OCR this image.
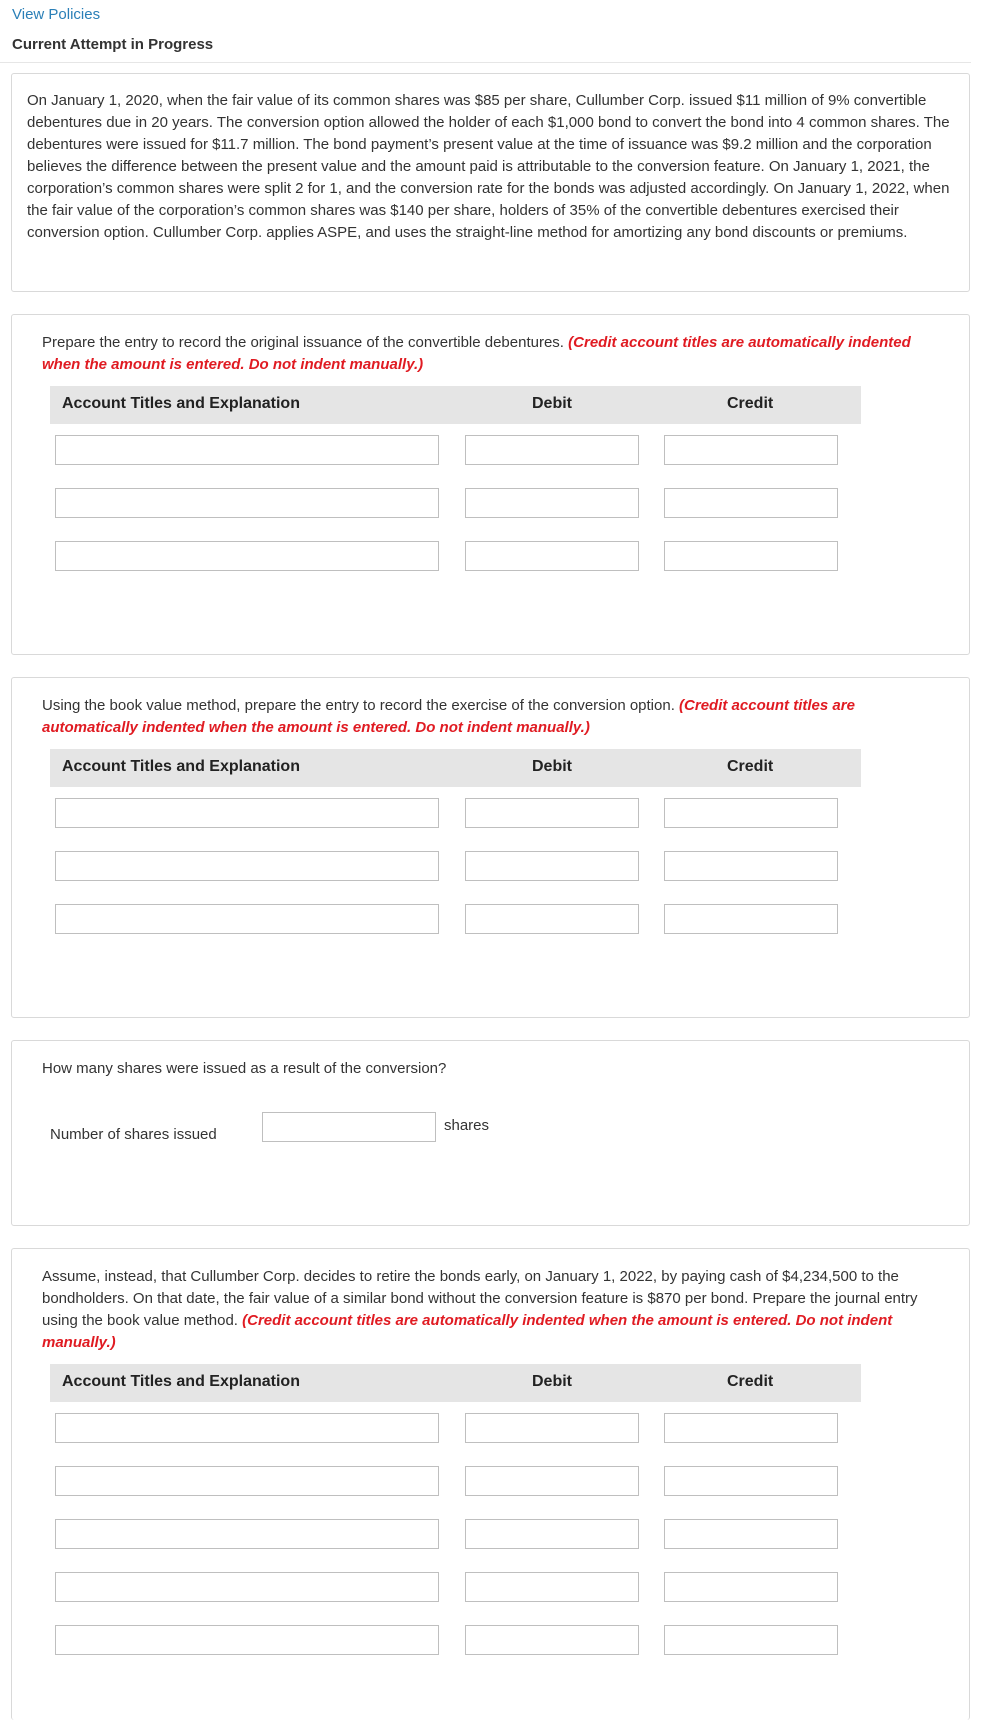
View Policies
Current Attempt in Progress

On January 1, 2020, when the fair value of its common shares was $85 per share, Cullumber Corp. issued $11 million of 9% convertible debentures due in 20 years. The conversion option allowed the holder of each $1,000 bond to convert the bond into 4 common shares. The debentures were issued for $11.7 million. The bond payment’s present value at the time of issuance was $9.2 million and the corporation believes the difference between the present value and the amount paid is attributable to the conversion feature. On January 1, 2021, the corporation’s common shares were split 2 for 1, and the conversion rate for the bonds was adjusted accordingly. On January 1, 2022, when the fair value of the corporation’s common shares was $140 per share, holders of 35% of the convertible debentures exercised their conversion option. Cullumber Corp. applies ASPE, and uses the straight-line method for amortizing any bond discounts or premiums.

Prepare the entry to record the original issuance of the convertible debentures. (Credit account titles are automatically indented when the amount is entered. Do not indent manually.)

Account Titles and Explanation	Debit	Credit

Using the book value method, prepare the entry to record the exercise of the conversion option. (Credit account titles are automatically indented when the amount is entered. Do not indent manually.)

Account Titles and Explanation	Debit	Credit

How many shares were issued as a result of the conversion?

Number of shares issued
shares

Assume, instead, that Cullumber Corp. decides to retire the bonds early, on January 1, 2022, by paying cash of $4,234,500 to the bondholders. On that date, the fair value of a similar bond without the conversion feature is $870 per bond. Prepare the journal entry using the book value method. (Credit account titles are automatically indented when the amount is entered. Do not indent manually.)

Account Titles and Explanation	Debit	Credit
